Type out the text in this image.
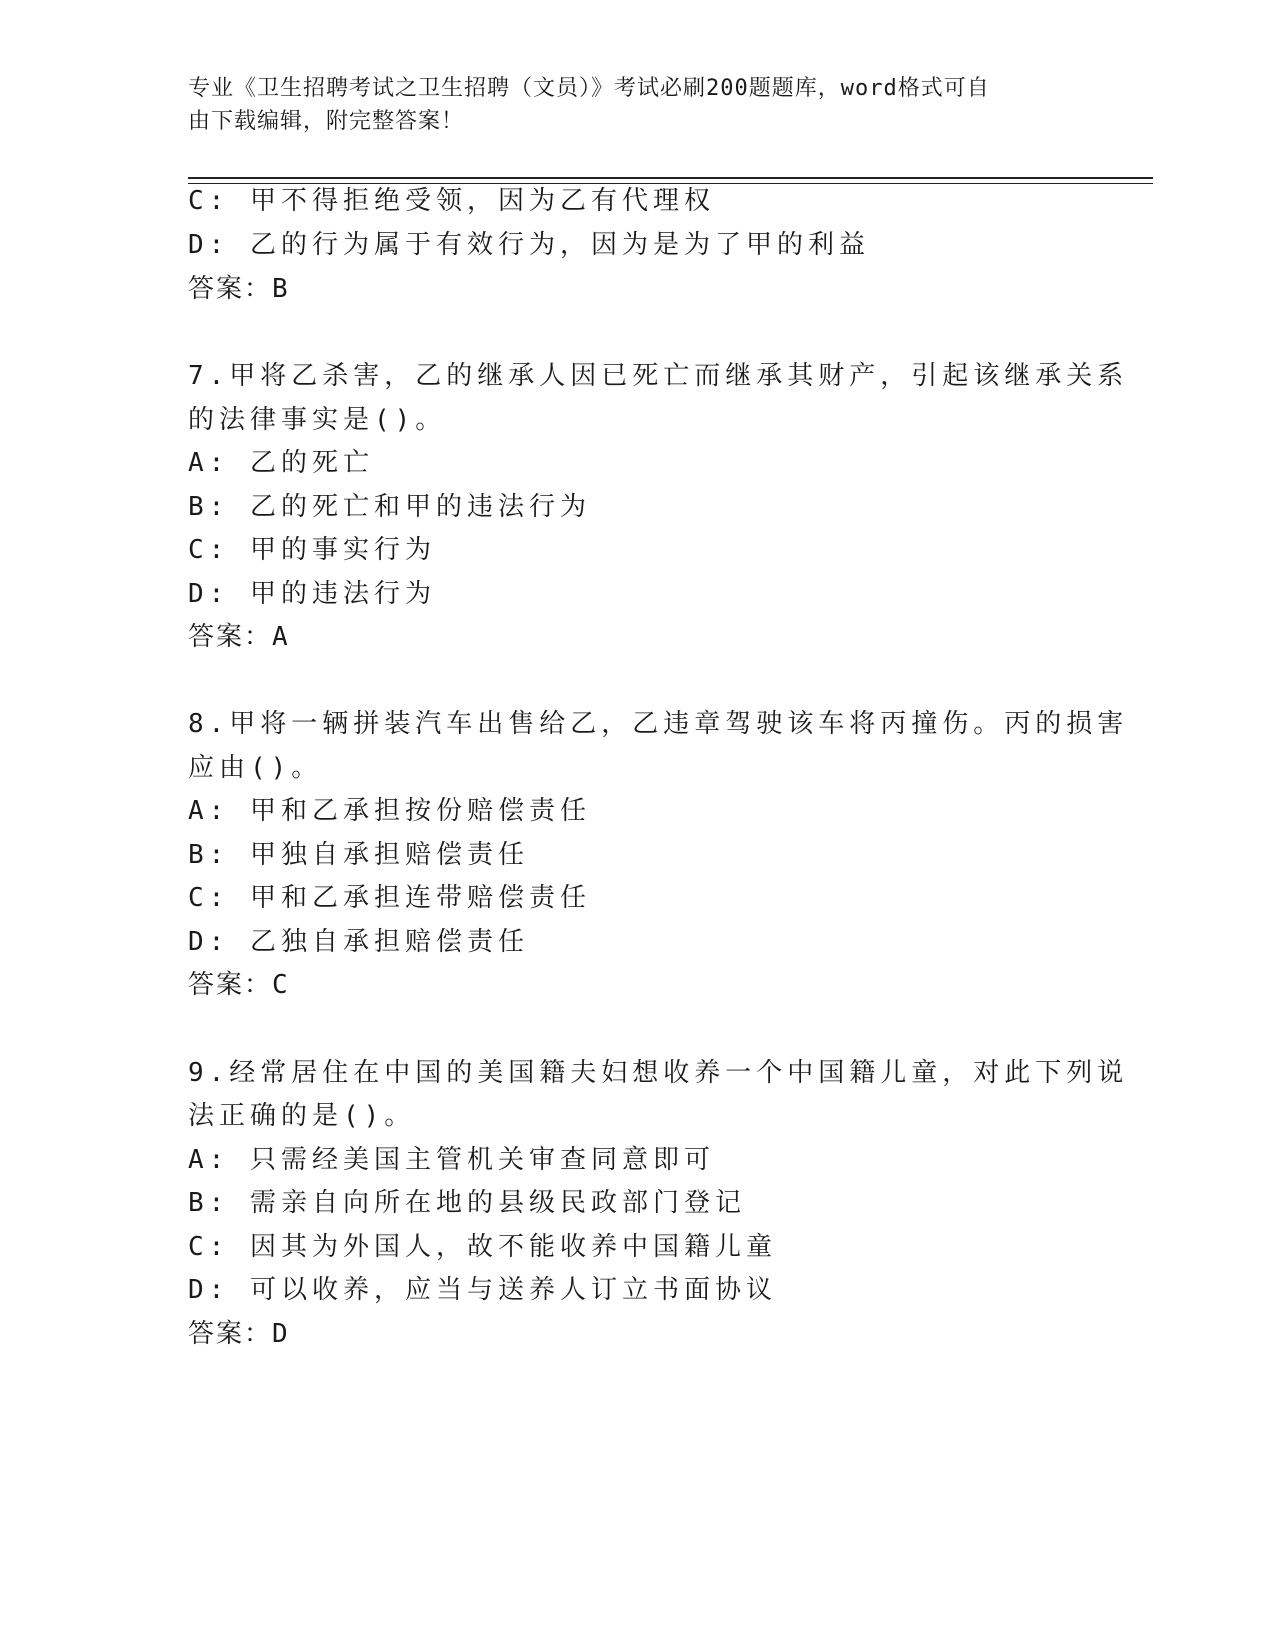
专业《卫生招聘考试之卫生招聘（文员）》考试必刷200题题库，word格式可自
由下载编辑，附完整答案！
C: 甲不得拒绝受领，因为乙有代理权
D: 乙的行为属于有效行为，因为是为了甲的利益
答案：B
7.甲将乙杀害，乙的继承人因已死亡而继承其财产，引起该继承关系
的法律事实是()。
A: 乙的死亡
B: 乙的死亡和甲的违法行为
C: 甲的事实行为
D: 甲的违法行为
答案：A
8.甲将一辆拼装汽车出售给乙，乙违章驾驶该车将丙撞伤。丙的损害
应由()。
A: 甲和乙承担按份赔偿责任
B: 甲独自承担赔偿责任
C: 甲和乙承担连带赔偿责任
D: 乙独自承担赔偿责任
答案：C
9.经常居住在中国的美国籍夫妇想收养一个中国籍儿童，对此下列说
法正确的是()。
A: 只需经美国主管机关审查同意即可
B: 需亲自向所在地的县级民政部门登记
C: 因其为外国人，故不能收养中国籍儿童
D: 可以收养，应当与送养人订立书面协议
答案：D
